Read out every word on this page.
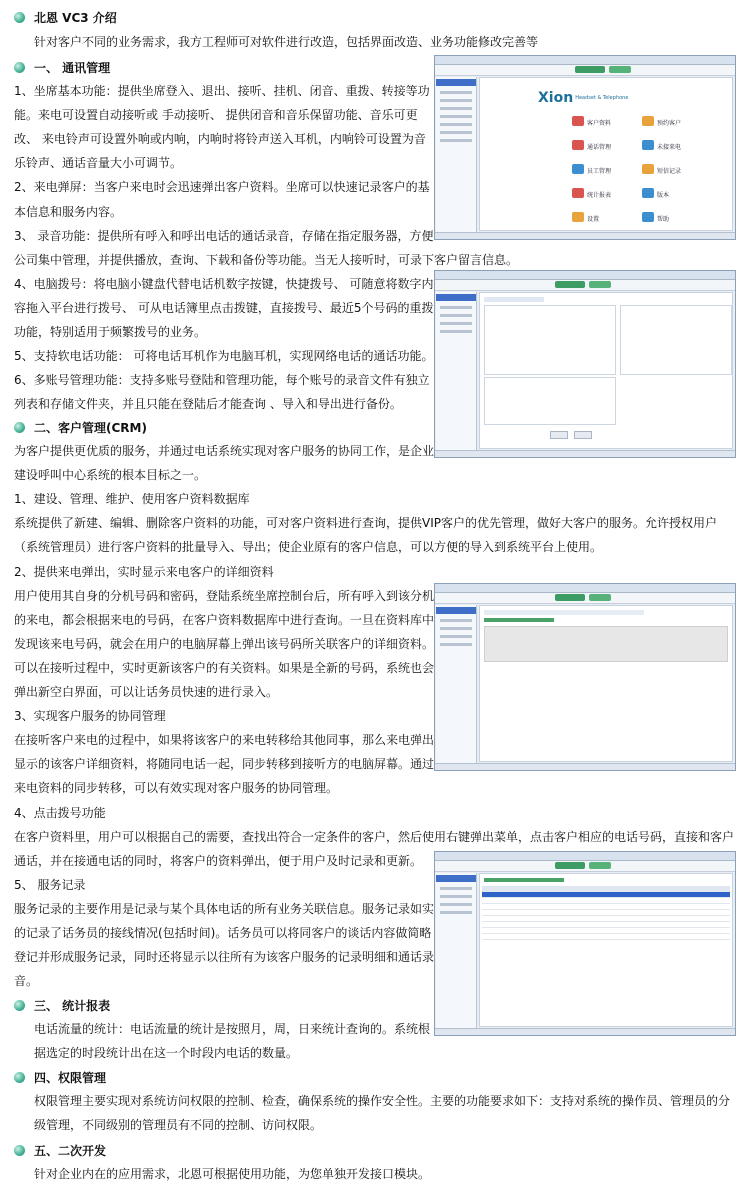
北恩 VC3 介绍
针对客户不同的业务需求，我方工程师可对软件进行改造，包括界面改造、业务功能修改完善等
一、 通讯管理
1、坐席基本功能：提供坐席登入、退出、接听、挂机、闭音、重拨、转接等功
能。来电可设置自动接听或 手动接听、 提供闭音和音乐保留功能、音乐可更
改、 来电铃声可设置外响或内响，内响时将铃声送入耳机，内响铃可设置为音
乐铃声、通话音量大小可调节。
2、来电弹屏：当客户来电时会迅速弹出客户资料。坐席可以快速记录客户的基
本信息和服务内容。
3、 录音功能：提供所有呼入和呼出电话的通话录音，存储在指定服务器，方便
公司集中管理，并提供播放，查询、下载和备份等功能。当无人接听时，可录下客户留言信息。
4、电脑拨号：将电脑小键盘代替电话机数字按键，快捷拨号、 可随意将数字内
容拖入平台进行拨号、 可从电话簿里点击拨键，直接拨号、最近5个号码的重拨
功能，特别适用于频繁拨号的业务。
5、支持软电话功能： 可将电话耳机作为电脑耳机，实现网络电话的通话功能。
6、多账号管理功能：支持多账号登陆和管理功能，每个账号的录音文件有独立
列表和存储文件夹，并且只能在登陆后才能查询 、导入和导出进行备份。
二、客户管理(CRM)
为客户提供更优质的服务，并通过电话系统实现对客户服务的协同工作，是企业
建设呼叫中心系统的根本目标之一。
1、建设、管理、维护、使用客户资料数据库
系统提供了新建、编辑、删除客户资料的功能，可对客户资料进行查询，提供VIP客户的优先管理，做好大客户的服务。允许授权用户
（系统管理员）进行客户资料的批量导入、导出；使企业原有的客户信息，可以方便的导入到系统平台上使用。
2、提供来电弹出，实时显示来电客户的详细资料
用户使用其自身的分机号码和密码，登陆系统坐席控制台后，所有呼入到该分机
的来电，都会根据来电的号码，在客户资料数据库中进行查询。一旦在资料库中
发现该来电号码，就会在用户的电脑屏幕上弹出该号码所关联客户的详细资料。
可以在接听过程中，实时更新该客户的有关资料。如果是全新的号码，系统也会
弹出新空白界面，可以让话务员快速的进行录入。
3、实现客户服务的协同管理
在接听客户来电的过程中，如果将该客户的来电转移给其他同事，那么来电弹出
显示的该客户详细资料，将随同电话一起，同步转移到接听方的电脑屏幕。通过
来电资料的同步转移，可以有效实现对客户服务的协同管理。
4、点击拨号功能
在客户资料里，用户可以根据自己的需要，查找出符合一定条件的客户，然后使用右键弹出菜单，点击客户相应的电话号码，直接和客户
通话，并在接通电话的同时，将客户的资料弹出，便于用户及时记录和更新。
5、 服务记录
服务记录的主要作用是记录与某个具体电话的所有业务关联信息。服务记录如实
的记录了话务员的接线情况(包括时间)。话务员可以将同客户的谈话内容做简略
登记并形成服务记录，同时还将显示以往所有为该客户服务的记录明细和通话录
音。
三、 统计报表
电话流量的统计：电话流量的统计是按照月，周，日来统计查询的。系统根
据选定的时段统计出在这一个时段内电话的数量。
四、权限管理
权限管理主要实现对系统访问权限的控制、检查，确保系统的操作安全性。主要的功能要求如下：支持对系统的操作员、管理员的分
级管理，不同级别的管理员有不同的控制、访问权限。
五、二次开发
针对企业内在的应用需求，北恩可根据使用功能，为您单独开发接口模块。
Xion Headset & Telephone
客户资料	预约客户
通话管理	未接来电
员工管理	短信记录
统计报表	版本
设置	帮助
